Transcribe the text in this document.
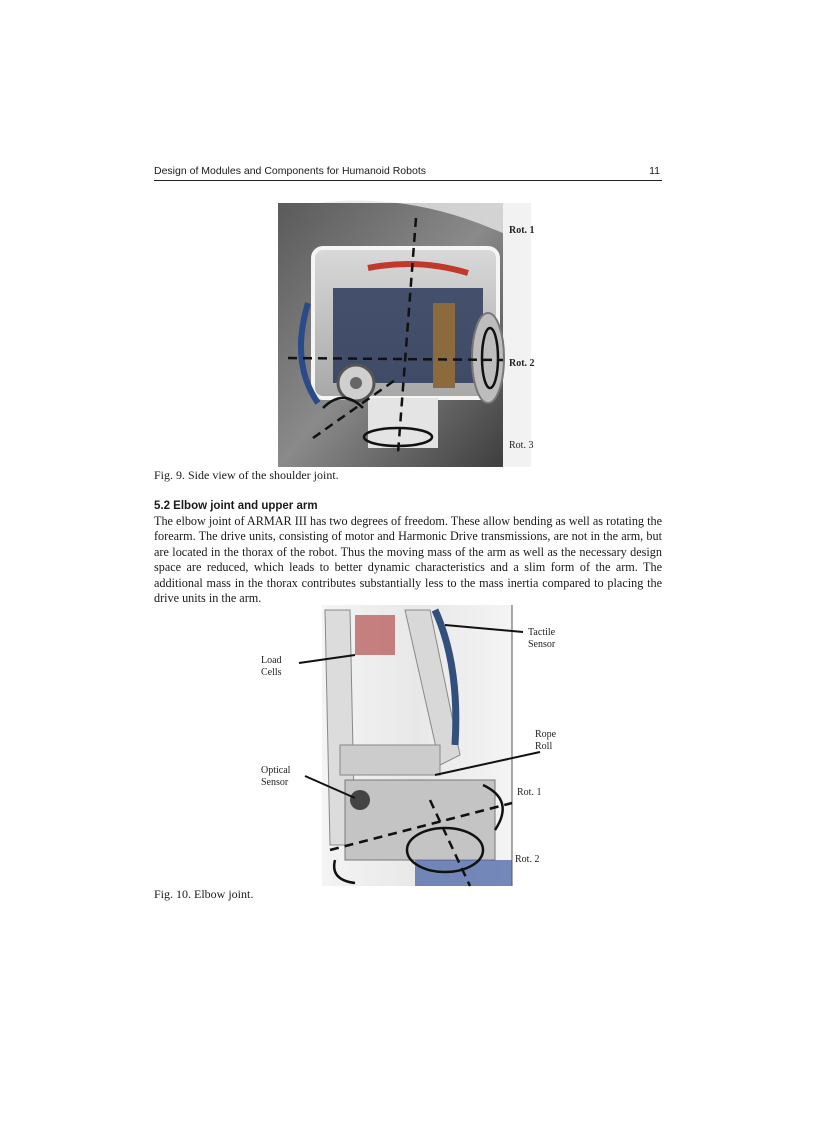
Design of Modules and Components for Humanoid Robots	11
Rot. 1
Rot. 2
Rot. 3
Fig. 9. Side view of the shoulder joint.
5.2 Elbow joint and upper arm

The elbow joint of ARMAR III has two degrees of freedom. These allow bending as well as rotating the forearm. The drive units, consisting of motor and Harmonic Drive transmissions, are not in the arm, but are located in the thorax of the robot. Thus the moving mass of the arm as well as the necessary design space are reduced, which leads to better dynamic characteristics and a slim form of the arm. The additional mass in the thorax contributes substantially less to the mass inertia compared to placing the drive units in the arm.

Load
Cells
Optical
Sensor
Tactile
Sensor
Rope
Roll
Rot. 1
Rot. 2
Fig. 10. Elbow joint.
